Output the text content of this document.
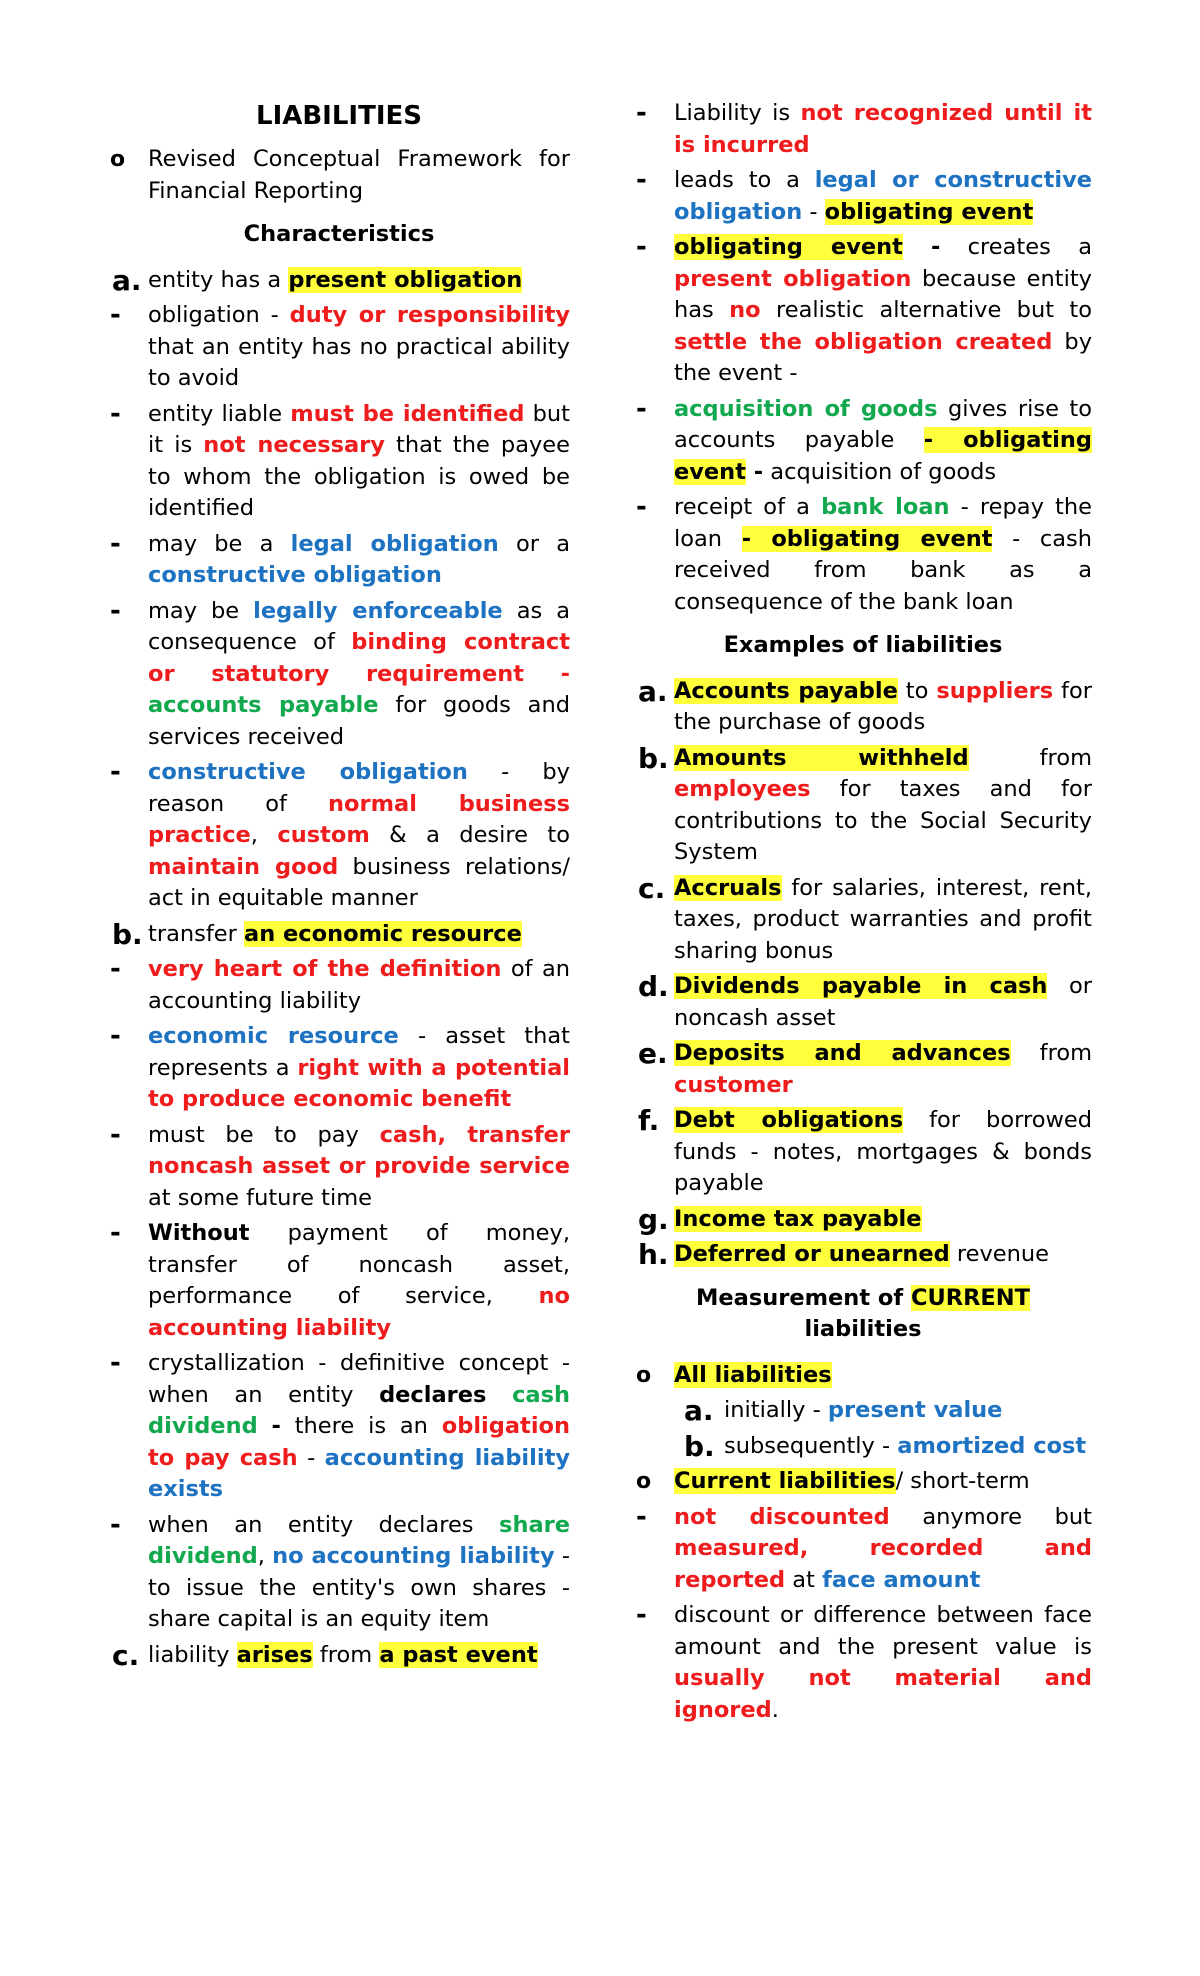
LIABILITIES
o Revised Conceptual Framework for Financial Reporting
Characteristics
a. entity has a present obligation
- obligation - duty or responsibility that an entity has no practical ability to avoid
- entity liable must be identified but it is not necessary that the payee to whom the obligation is owed be identified
- may be a legal obligation or a constructive obligation
- may be legally enforceable as a consequence of binding contract or statutory requirement - accounts payable for goods and services received
- constructive obligation - by reason of normal business practice, custom & a desire to maintain good business relations/ act in equitable manner
b. transfer an economic resource
- very heart of the definition of an accounting liability
- economic resource - asset that represents a right with a potential to produce economic benefit
- must be to pay cash, transfer noncash asset or provide service at some future time
- Without payment of money, transfer of noncash asset, performance of service, no accounting liability
- crystallization - definitive concept - when an entity declares cash dividend - there is an obligation to pay cash - accounting liability exists
- when an entity declares share dividend, no accounting liability - to issue the entity's own shares - share capital is an equity item
c. liability arises from a past event
- Liability is not recognized until it is incurred
- leads to a legal or constructive obligation - obligating event
- obligating event - creates a present obligation because entity has no realistic alternative but to settle the obligation created by the event -
- acquisition of goods gives rise to accounts payable - obligating event - acquisition of goods
- receipt of a bank loan - repay the loan - obligating event - cash received from bank as a consequence of the bank loan
Examples of liabilities
a. Accounts payable to suppliers for the purchase of goods
b. Amounts withheld from employees for taxes and for contributions to the Social Security System
c. Accruals for salaries, interest, rent, taxes, product warranties and profit sharing bonus
d. Dividends payable in cash or noncash asset
e. Deposits and advances from customer
f. Debt obligations for borrowed funds - notes, mortgages & bonds payable
g. Income tax payable
h. Deferred or unearned revenue
Measurement of CURRENT liabilities
o All liabilities
a. initially - present value
b. subsequently - amortized cost
o Current liabilities/ short-term
- not discounted anymore but measured, recorded and reported at face amount
- discount or difference between face amount and the present value is usually not material and ignored.
